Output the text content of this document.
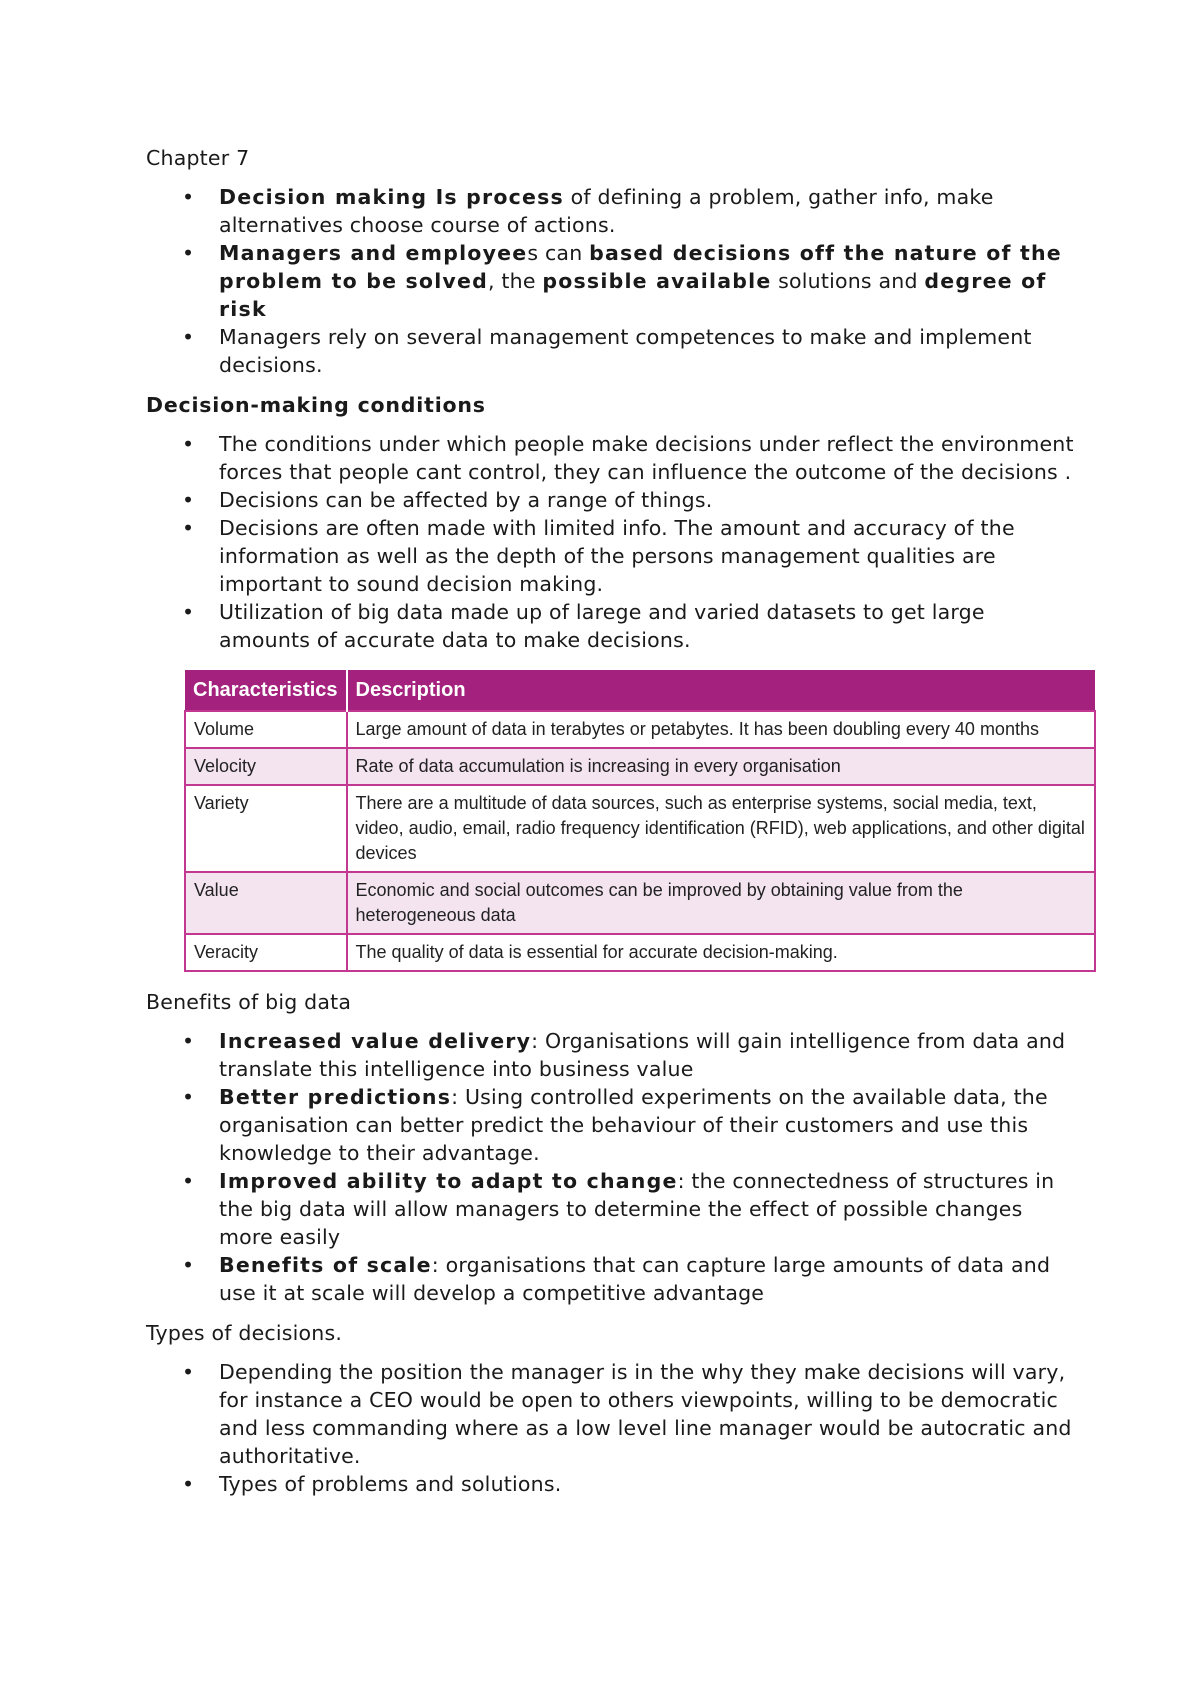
Chapter 7

• Decision making Is process of defining a problem, gather info, make alternatives choose course of actions.
• Managers and employees can based decisions off the nature of the problem to be solved, the possible available solutions and degree of risk
• Managers rely on several management competences to make and implement decisions.

Decision-making conditions

• The conditions under which people make decisions under reflect the environment forces that people cant control, they can influence the outcome of the decisions .
• Decisions can be affected by a range of things.
• Decisions are often made with limited info. The amount and accuracy of the information as well as the depth of the persons management qualities are important to sound decision making.
• Utilization of big data made up of larege and varied datasets to get large amounts of accurate data to make decisions.
Characteristics	Description
Volume	Large amount of data in terabytes or petabytes. It has been doubling every 40 months
Velocity	Rate of data accumulation is increasing in every organisation
Variety	There are a multitude of data sources, such as enterprise systems, social media, text, video, audio, email, radio frequency identification (RFID), web applications, and other digital devices
Value	Economic and social outcomes can be improved by obtaining value from the heterogeneous data
Veracity	The quality of data is essential for accurate decision-making.

Benefits of big data

• Increased value delivery: Organisations will gain intelligence from data and translate this intelligence into business value
• Better predictions: Using controlled experiments on the available data, the organisation can better predict the behaviour of their customers and use this knowledge to their advantage.
• Improved ability to adapt to change: the connectedness of structures in the big data will allow managers to determine the effect of possible changes more easily
• Benefits of scale: organisations that can capture large amounts of data and use it at scale will develop a competitive advantage

Types of decisions.

• Depending the position the manager is in the why they make decisions will vary, for instance a CEO would be open to others viewpoints, willing to be democratic and less commanding where as a low level line manager would be autocratic and authoritative.
• Types of problems and solutions.
